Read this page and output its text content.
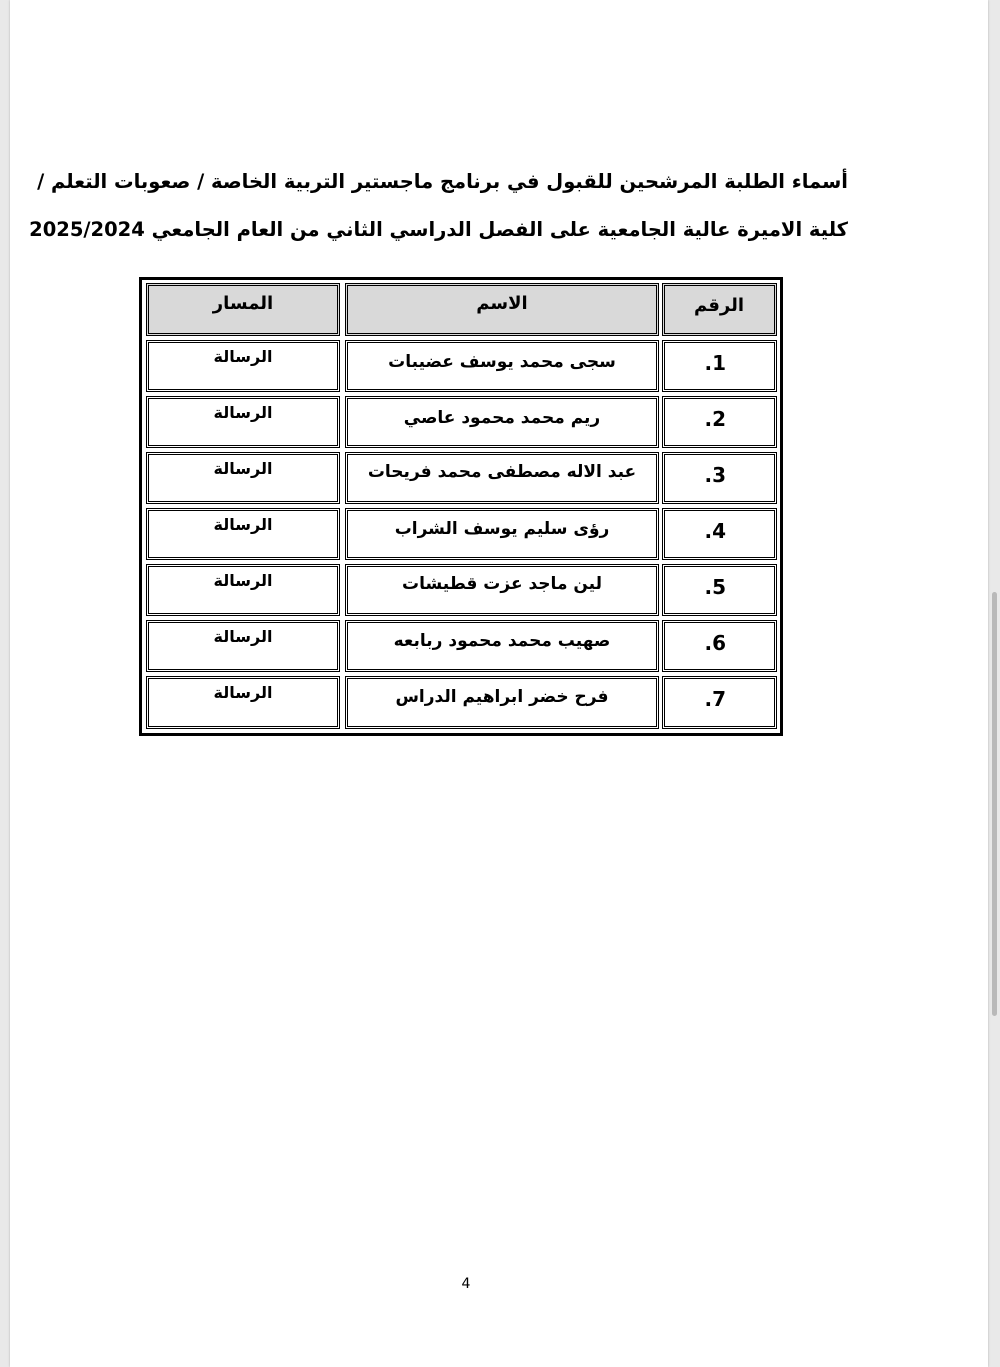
أسماء الطلبة المرشحين للقبول في برنامج ماجستير التربية الخاصة / صعوبات التعلم /
كلية الاميرة عالية الجامعية على الفصل الدراسي الثاني من العام الجامعي 2025/2024
الرقم
الاسم
المسار
1.
سجى محمد يوسف عضيبات
الرسالة
2.
ريم محمد محمود عاصي
الرسالة
3.
عبد الاله مصطفى محمد فريحات
الرسالة
4.
رؤى سليم يوسف الشراب
الرسالة
5.
لين ماجد عزت قطيشات
الرسالة
6.
صهيب محمد محمود ربابعه
الرسالة
7.
فرح خضر ابراهيم الدراس
الرسالة
4
